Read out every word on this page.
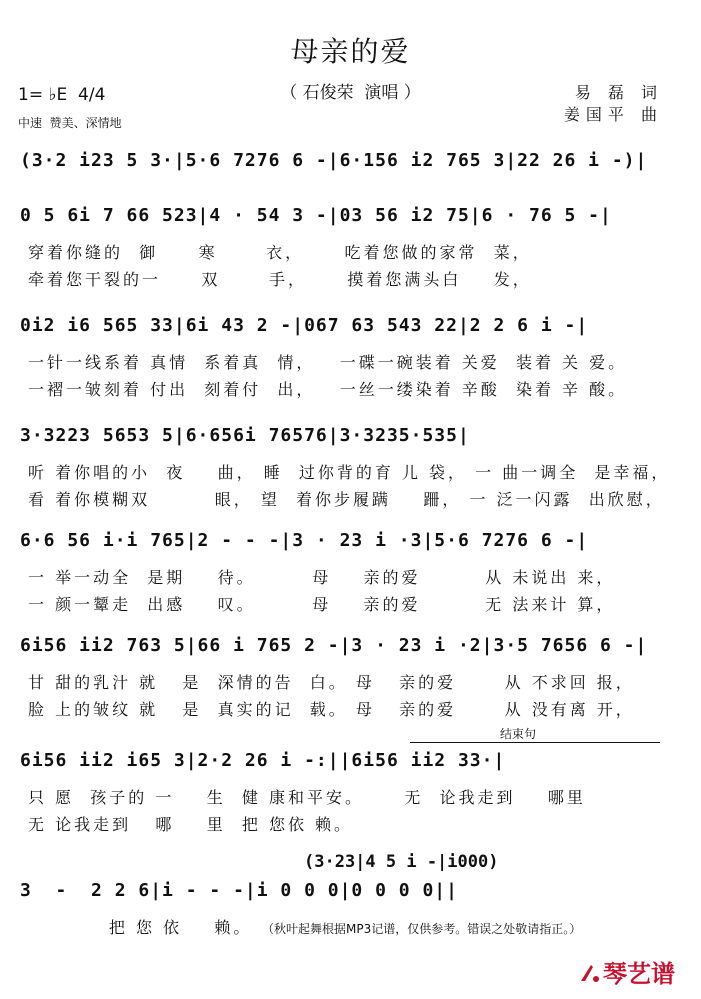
母亲的爱
（ 石俊荣  演唱 ）
1= ♭E  4/4
中速  赞美、深情地
易 磊 词
姜国平 曲
(3·2 i23 5 3·|5·6 7276 6 -|6·156 i2 765 3|22 26 i -)|
0 5 6i 7 66 523|4 · 54 3 -|03 56 i2 75|6 · 76 5 -|
穿着你缝的  御     寒      衣，     吃着您做的家常  菜，
牵着您干裂的一     双      手，     摸着您满头白    发，
0i2 i6 565 33|6i 43 2 -|067 63 543 22|2 2 6 i -|
一针一线系着 真情  系着真  情，   一碟一碗装着 关爱  装着 关 爱。
一褶一皱刻着 付出  刻着付  出，   一丝一缕染着 辛酸  染着 辛 酸。
3·3223 5653 5|6·656i 76576|3·3235·535|
听 着你唱的小  夜    曲， 睡  过你背的育 儿 袋， 一 曲一调全  是幸福，
看 着你模糊双        眼， 望  着你步履蹒    跚， 一 泛一闪露  出欣慰，
6·6 56 i·i 765|2 - - -|3 · 23 i ·3|5·6 7276 6 -|
一 举一动全  是期    待。       母    亲的爱        从 未说出 来，
一 颜一颦走  出感    叹。       母    亲的爱        无 法来计 算，
6i56 ii2 763 5|66 i 765 2 -|3 · 23 i ·2|3·5 7656 6 -|
甘 甜的乳汁 就   是  深情的告  白。 母   亲的爱      从 不求回 报，
脸 上的皱纹 就   是  真实的记  载。 母   亲的爱      从 没有离 开，
6i56 ii2 i65 3|2·2 26 i -:||6i56 ii2 33·|
只 愿  孩子的 一    生  健 康和平安。     无  论我走到    哪里
无 论我走到   哪    里  把 您依 赖。
3  -  2 2 6|i - - -|i 0 0 0|0 0 0 0||
把 您 依    赖。
结束句
(3·23|4 5 i -|i000)
（秋叶起舞根据MP3记谱，仅供参考。错误之处敬请指正。）
琴艺谱
